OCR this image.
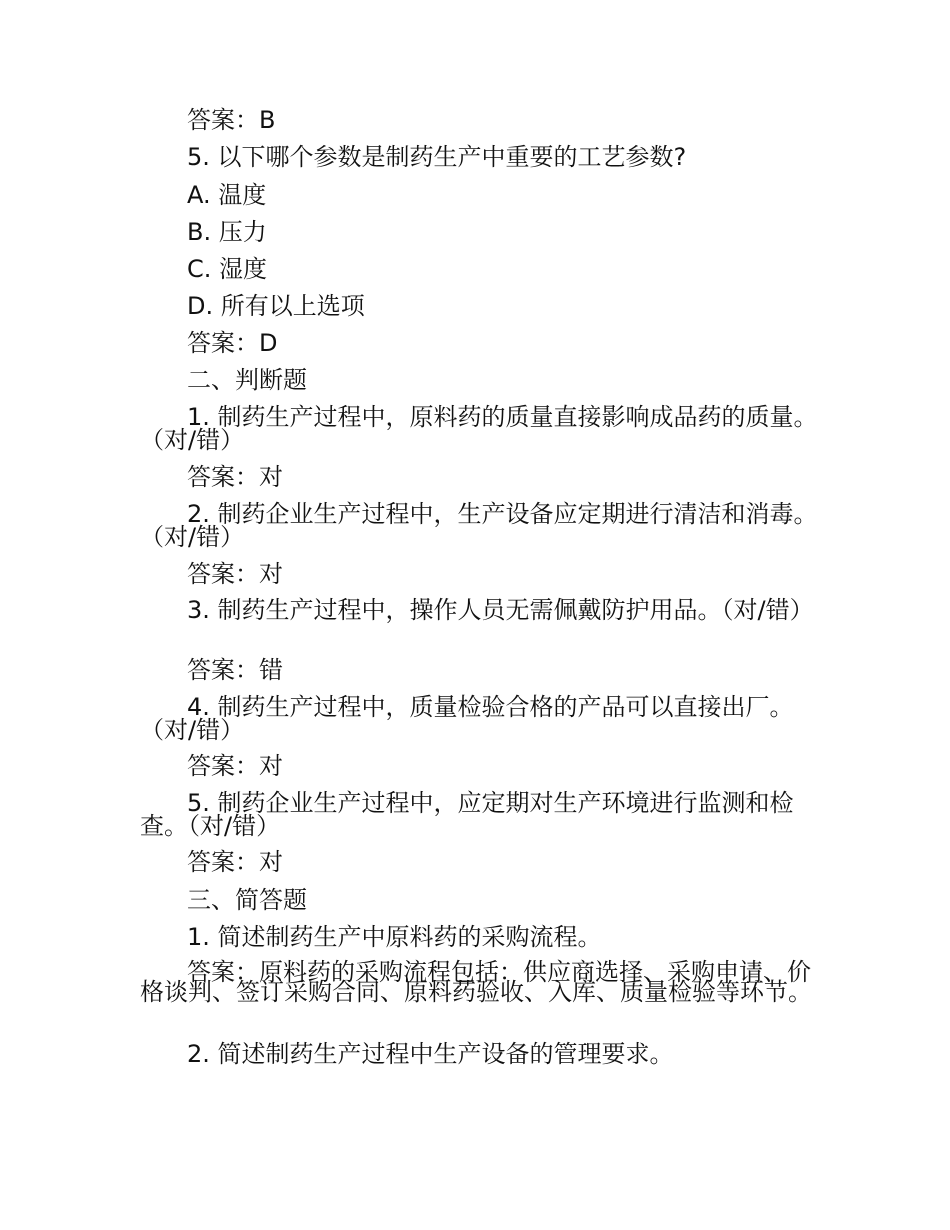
答案：B
5. 以下哪个参数是制药生产中重要的工艺参数?
A. 温度
B. 压力
C. 湿度
D. 所有以上选项
答案：D
二、判断题
1. 制药生产过程中，原料药的质量直接影响成品药的质量。（对/错）
答案：对
2. 制药企业生产过程中，生产设备应定期进行清洁和消毒。（对/错）
答案：对
3. 制药生产过程中，操作人员无需佩戴防护用品。（对/错）
答案：错
4. 制药生产过程中，质量检验合格的产品可以直接出厂。（对/错）
答案：对
5. 制药企业生产过程中，应定期对生产环境进行监测和检查。（对/错）
答案：对
三、简答题
1. 简述制药生产中原料药的采购流程。
答案：原料药的采购流程包括：供应商选择、采购申请、价格谈判、签订采购合同、原料药验收、入库、质量检验等环节。
2. 简述制药生产过程中生产设备的管理要求。
